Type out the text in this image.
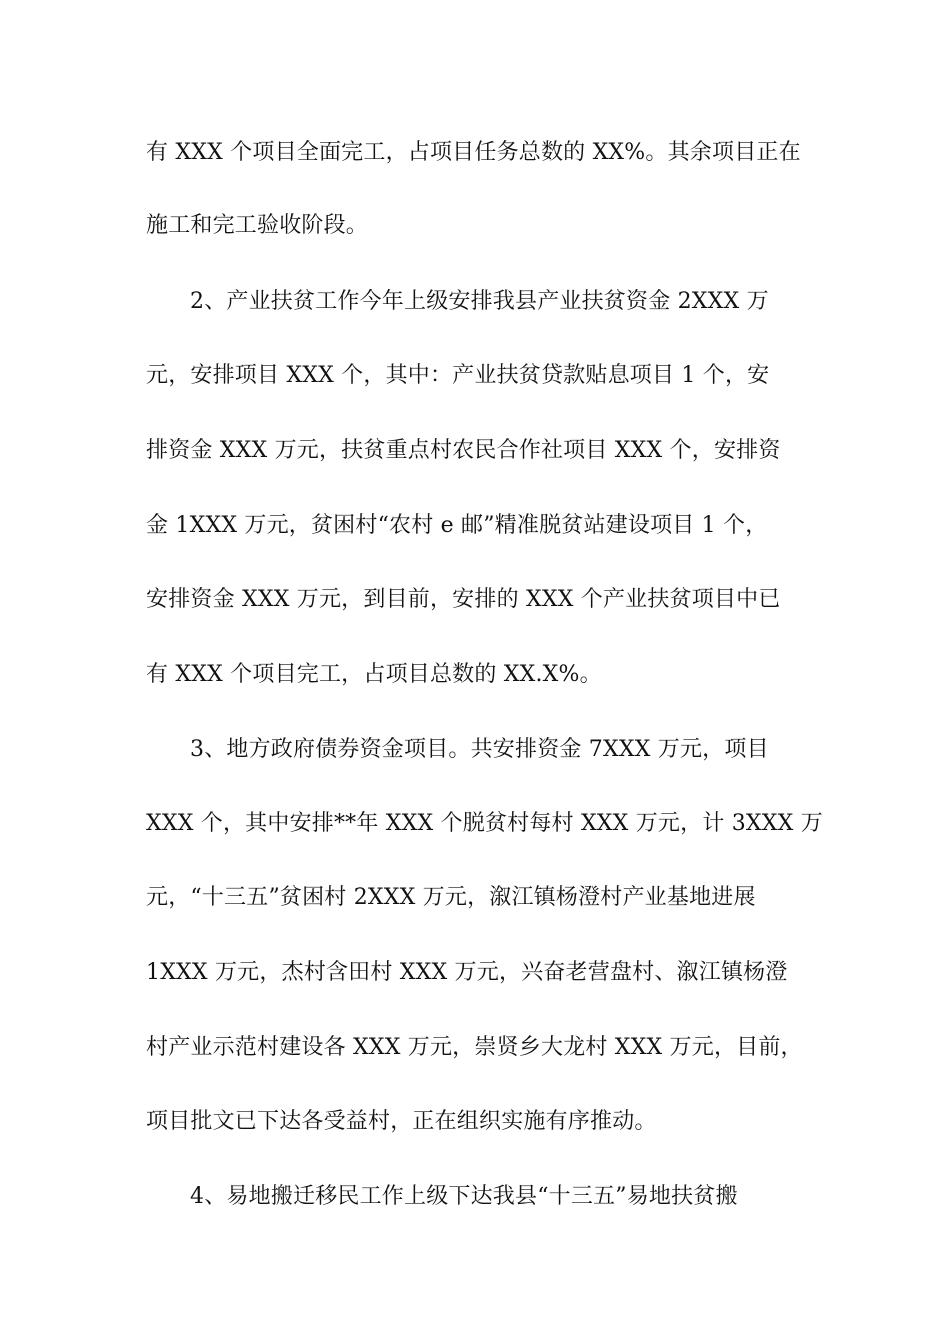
有 XXX 个项目全面完工，占项目任务总数的 XX%。其余项目正在
施工和完工验收阶段。
2、产业扶贫工作今年上级安排我县产业扶贫资金 2XXX 万
元，安排项目 XXX 个，其中：产业扶贫贷款贴息项目 1 个，安
排资金 XXX 万元，扶贫重点村农民合作社项目 XXX 个，安排资
金 1XXX 万元，贫困村“农村 e 邮”精准脱贫站建设项目 1 个，
安排资金 XXX 万元，到目前，安排的 XXX 个产业扶贫项目中已
有 XXX 个项目完工，占项目总数的 XX.X%。
3、地方政府债券资金项目。共安排资金 7XXX 万元，项目
XXX 个，其中安排**年 XXX 个脱贫村每村 XXX 万元，计 3XXX 万
元，“十三五”贫困村 2XXX 万元，溆江镇杨澄村产业基地进展
1XXX 万元，杰村含田村 XXX 万元，兴奋老营盘村、溆江镇杨澄
村产业示范村建设各 XXX 万元，崇贤乡大龙村 XXX 万元，目前，
项目批文已下达各受益村，正在组织实施有序推动。
4、易地搬迁移民工作上级下达我县“十三五”易地扶贫搬
